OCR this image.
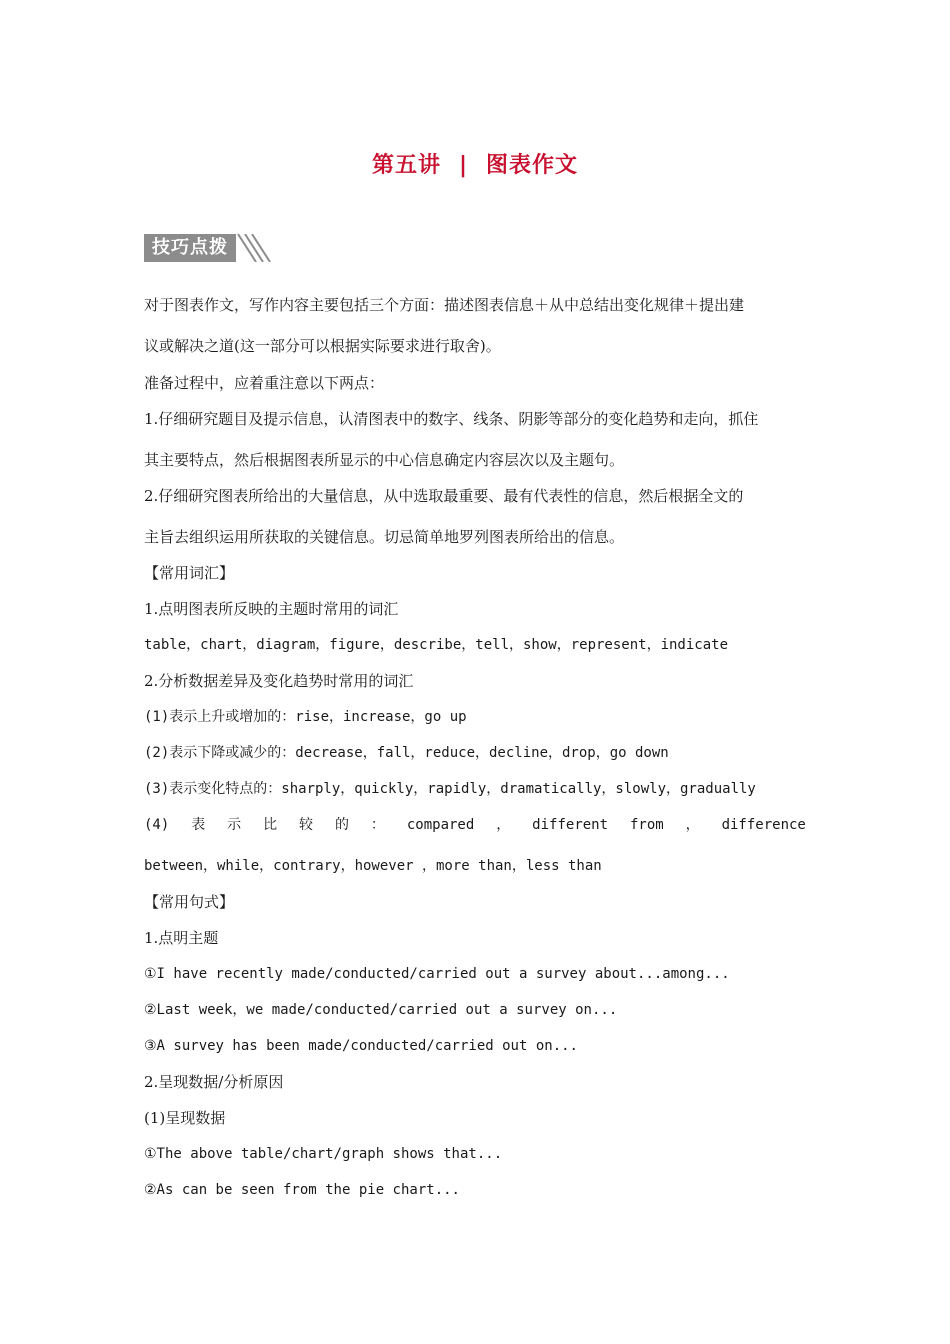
第五讲 | 图表作文
技巧点拨
对于图表作文，写作内容主要包括三个方面：描述图表信息＋从中总结出变化规律＋提出建
议或解决之道(这一部分可以根据实际要求进行取舍)。
准备过程中，应着重注意以下两点：
1.仔细研究题目及提示信息，认清图表中的数字、线条、阴影等部分的变化趋势和走向，抓住
其主要特点，然后根据图表所显示的中心信息确定内容层次以及主题句。
2.仔细研究图表所给出的大量信息，从中选取最重要、最有代表性的信息，然后根据全文的
主旨去组织运用所获取的关键信息。切忌简单地罗列图表所给出的信息。
【常用词汇】
1.点明图表所反映的主题时常用的词汇
table，chart，diagram，figure，describe，tell，show，represent，indicate
2.分析数据差异及变化趋势时常用的词汇
(1)表示上升或增加的：rise，increase，go up
(2)表示下降或减少的：decrease，fall，reduce，decline，drop，go down
(3)表示变化特点的：sharply，quickly，rapidly，dramatically，slowly，gradually
(4) 表 示 比 较 的 ： compared ， different from ， difference
between，while，contrary，however ，more than，less than
【常用句式】
1.点明主题
①I have recently made/conducted/carried out a survey about...among...
②Last week，we made/conducted/carried out a survey on...
③A survey has been made/conducted/carried out on...
2.呈现数据/分析原因
(1)呈现数据
①The above table/chart/graph shows that...
②As can be seen from the pie chart...
